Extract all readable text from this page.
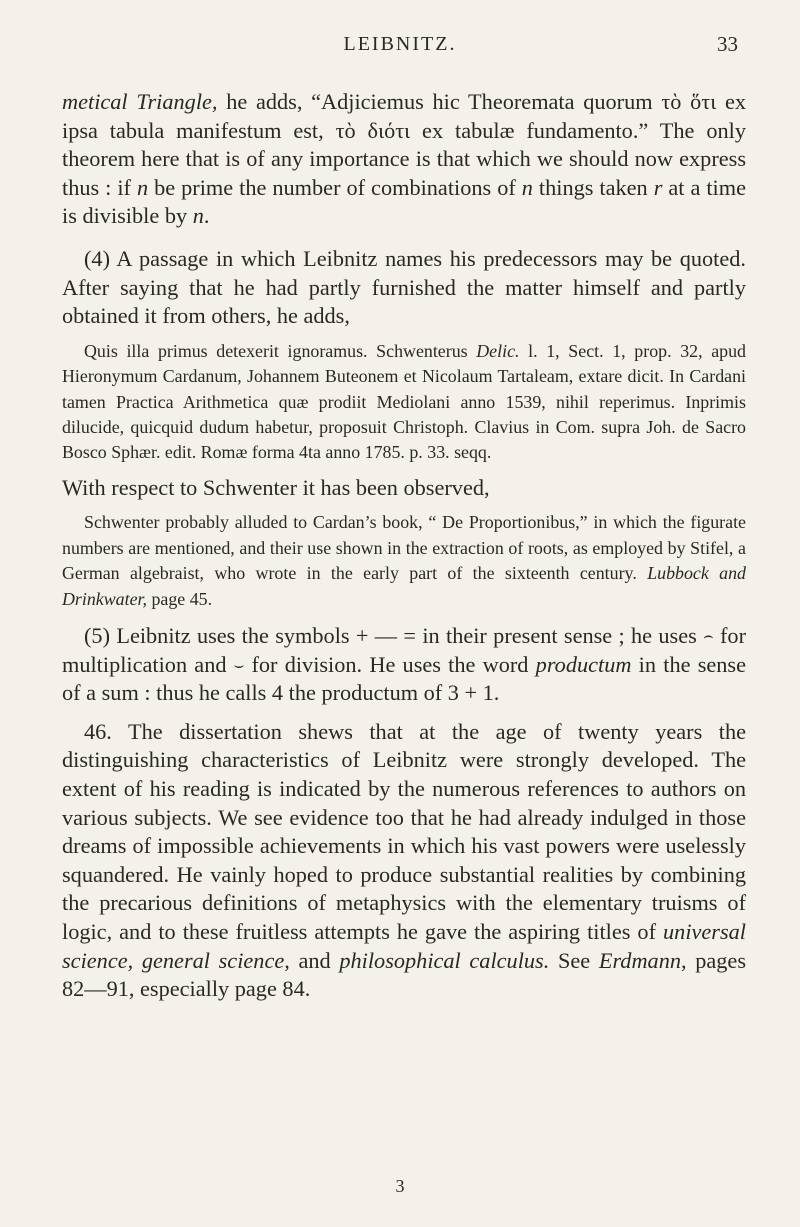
LEIBNITZ.	33

metical Triangle, he adds, “Adjiciemus hic Theoremata quorum τὸ ὅτι ex ipsa tabula manifestum est, τὸ διότι ex tabulæ fundamento.” The only theorem here that is of any importance is that which we should now express thus : if n be prime the number of combinations of n things taken r at a time is divisible by n.

(4) A passage in which Leibnitz names his predecessors may be quoted. After saying that he had partly furnished the matter himself and partly obtained it from others, he adds,

Quis illa primus detexerit ignoramus. Schwenterus Delic. l. 1, Sect. 1, prop. 32, apud Hieronymum Cardanum, Johannem Buteonem et Nicolaum Tartaleam, extare dicit. In Cardani tamen Practica Arithmetica quæ prodiit Mediolani anno 1539, nihil reperimus. Inprimis dilucide, quicquid dudum habetur, proposuit Christoph. Clavius in Com. supra Joh. de Sacro Bosco Sphær. edit. Romæ forma 4ta anno 1785. p. 33. seqq.

With respect to Schwenter it has been observed,

Schwenter probably alluded to Cardan’s book, “ De Proportionibus,” in which the figurate numbers are mentioned, and their use shown in the extraction of roots, as employed by Stifel, a German algebraist, who wrote in the early part of the sixteenth century. Lubbock and Drinkwater, page 45.

(5) Leibnitz uses the symbols + — = in their present sense ; he uses ⌢ for multiplication and ⌣ for division. He uses the word productum in the sense of a sum : thus he calls 4 the productum of 3 + 1.

46. The dissertation shews that at the age of twenty years the distinguishing characteristics of Leibnitz were strongly developed. The extent of his reading is indicated by the numerous references to authors on various subjects. We see evidence too that he had already indulged in those dreams of impossible achievements in which his vast powers were uselessly squandered. He vainly hoped to produce substantial realities by combining the precarious definitions of metaphysics with the elementary truisms of logic, and to these fruitless attempts he gave the aspiring titles of universal science, general science, and philosophical calculus. See Erdmann, pages 82—91, especially page 84.

3
